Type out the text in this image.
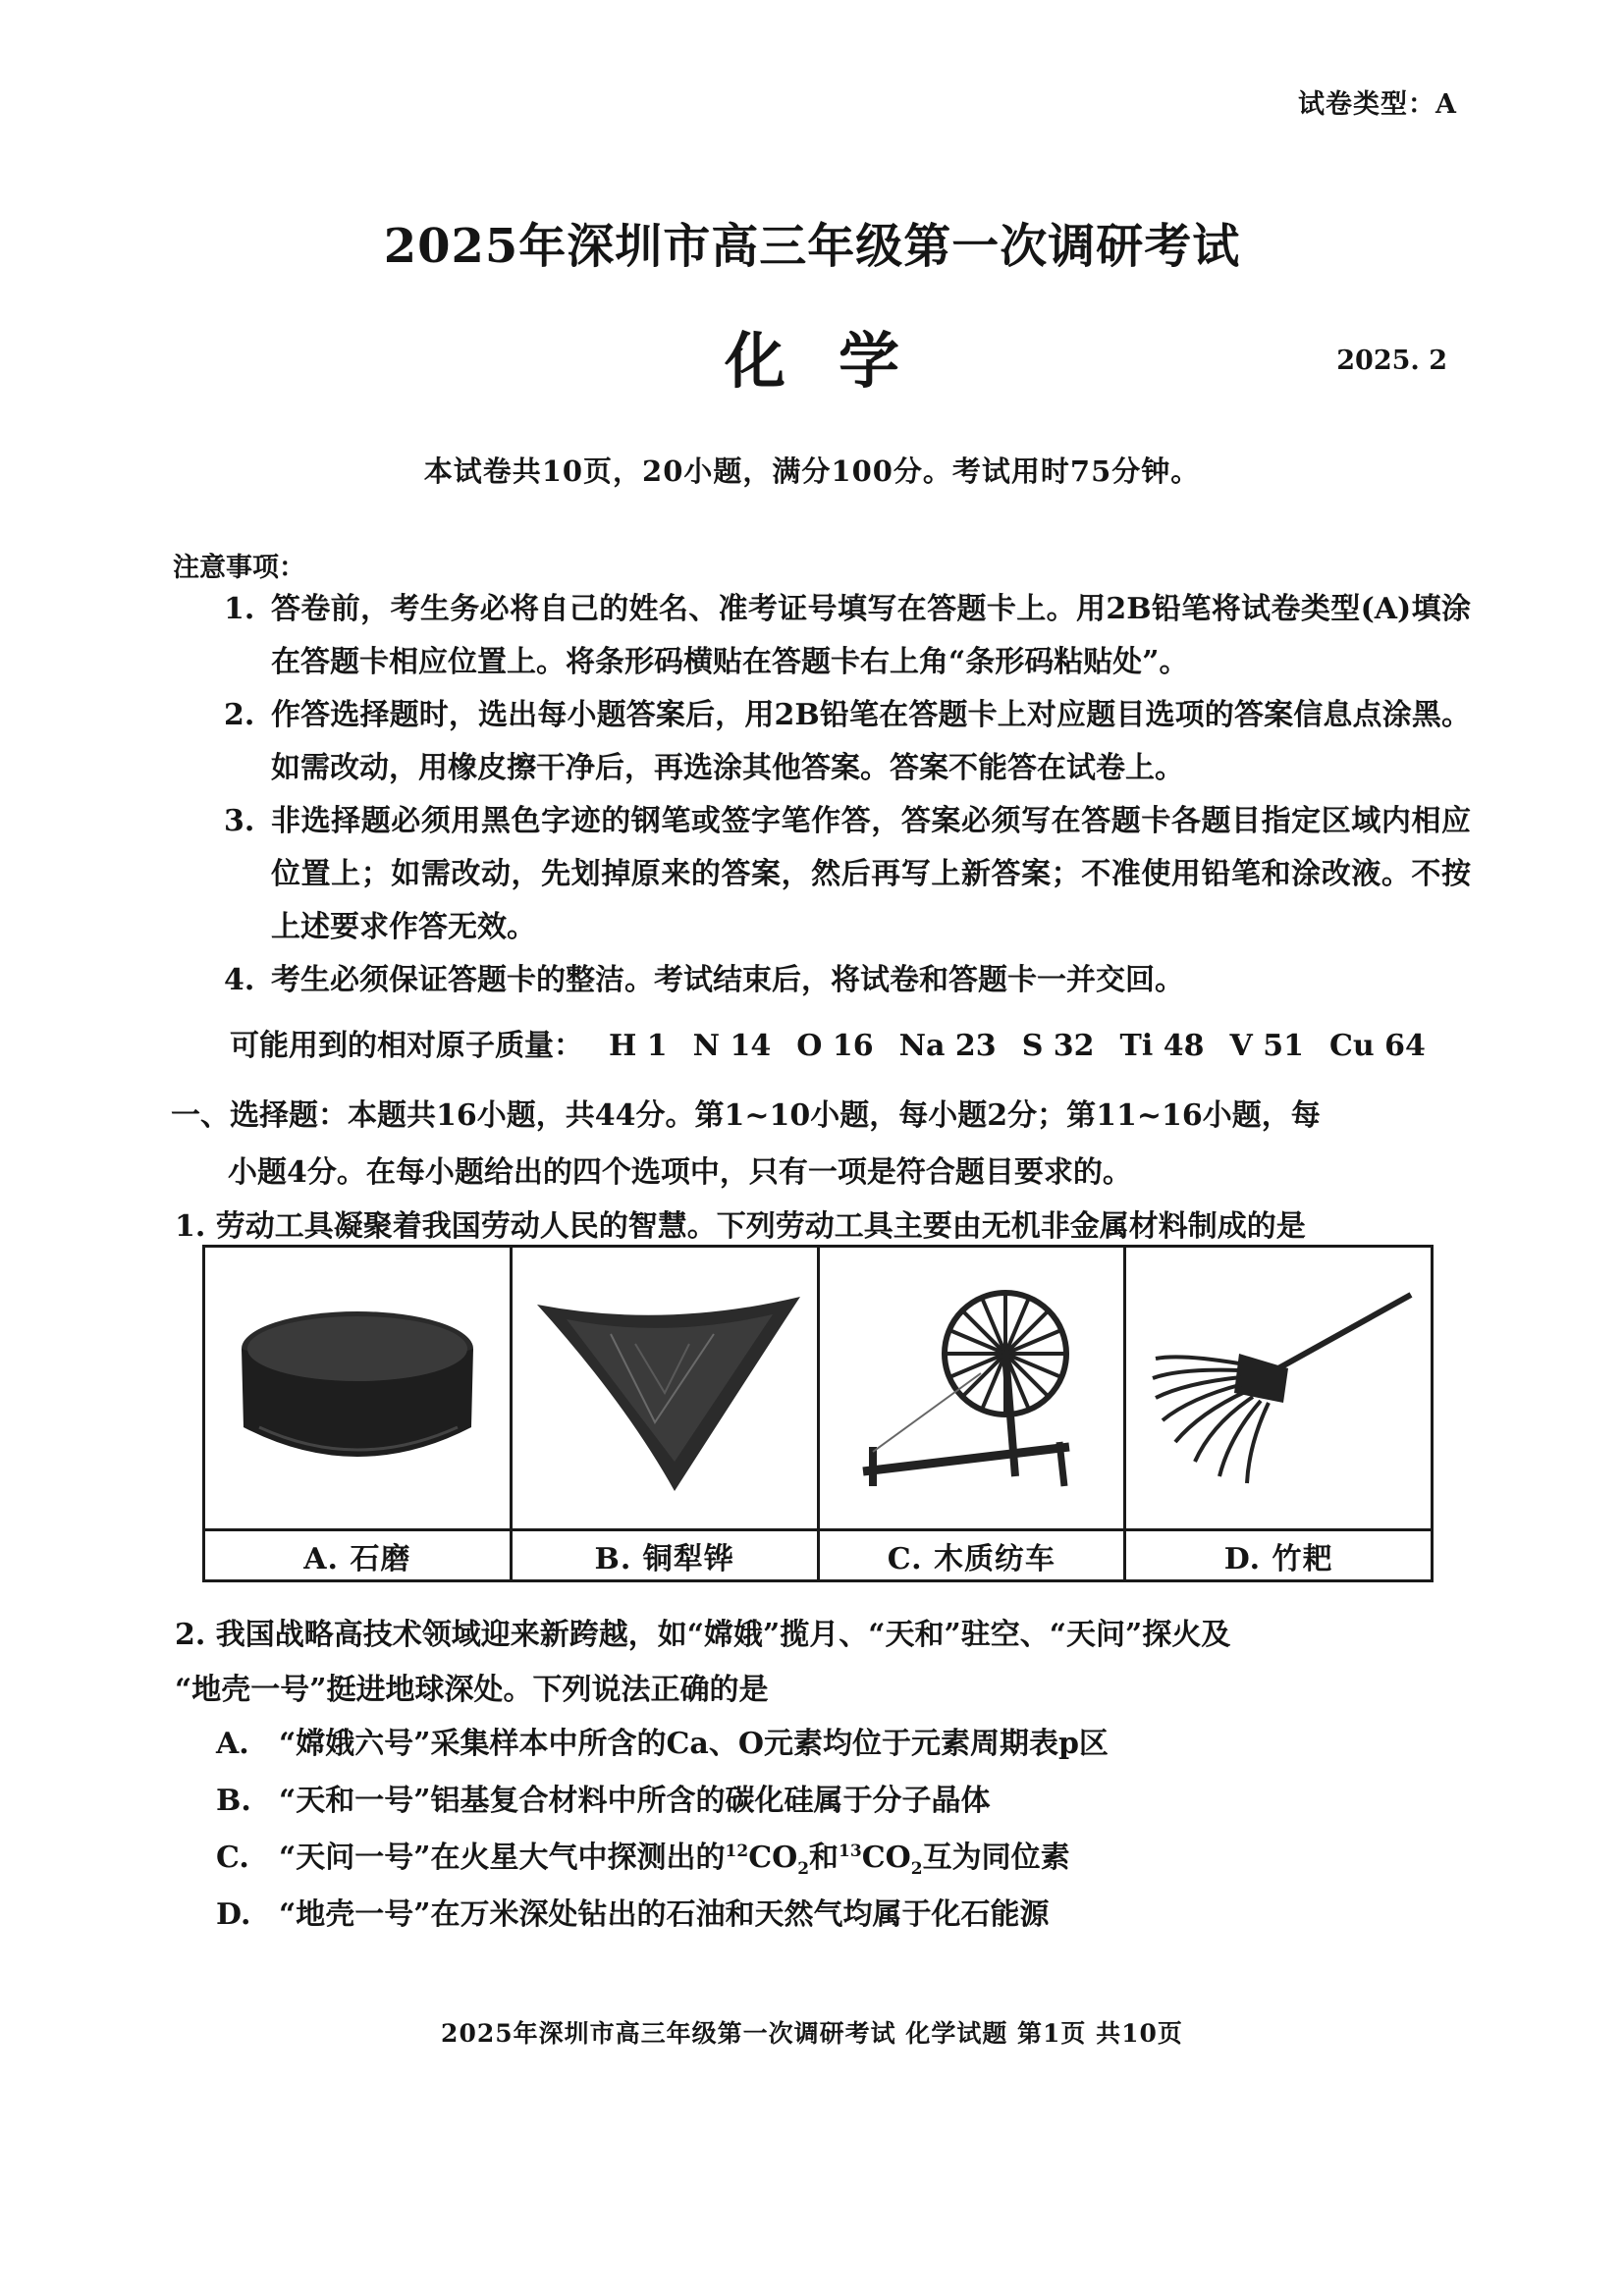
试卷类型：A
2025年深圳市高三年级第一次调研考试
化学	2025. 2
本试卷共10页，20小题，满分100分。考试用时75分钟。
注意事项：
1. 答卷前，考生务必将自己的姓名、准考证号填写在答题卡上。用2B铅笔将试卷类型(A)填涂在答题卡相应位置上。将条形码横贴在答题卡右上角“条形码粘贴处”。
2. 作答选择题时，选出每小题答案后，用2B铅笔在答题卡上对应题目选项的答案信息点涂黑。如需改动，用橡皮擦干净后，再选涂其他答案。答案不能答在试卷上。
3. 非选择题必须用黑色字迹的钢笔或签字笔作答，答案必须写在答题卡各题目指定区域内相应位置上；如需改动，先划掉原来的答案，然后再写上新答案；不准使用铅笔和涂改液。不按上述要求作答无效。
4. 考生必须保证答题卡的整洁。考试结束后，将试卷和答题卡一并交回。
可能用到的相对原子质量： H 1 N 14 O 16 Na 23 S 32 Ti 48 V 51 Cu 64
一、选择题：本题共16小题，共44分。第1~10小题，每小题2分；第11~16小题，每
小题4分。在每小题给出的四个选项中，只有一项是符合题目要求的。
1. 劳动工具凝聚着我国劳动人民的智慧。下列劳动工具主要由无机非金属材料制成的是
A. 石磨	B. 铜犁铧	C. 木质纺车	D. 竹耙
2. 我国战略高技术领域迎来新跨越，如“嫦娥”揽月、“天和”驻空、“天问”探火及
“地壳一号”挺进地球深处。下列说法正确的是
A.	“嫦娥六号”采集样本中所含的Ca、O元素均位于元素周期表p区
B. “天和一号”铝基复合材料中所含的碳化硅属于分子晶体
C.	“天问一号”在火星大气中探测出的$^{12}CO_2$和$^{13}CO_2$互为同位素
D. “地壳一号”在万米深处钻出的石油和天然气均属于化石能源
2025年深圳市高三年级第一次调研考试 化学试题 第1页 共10页
